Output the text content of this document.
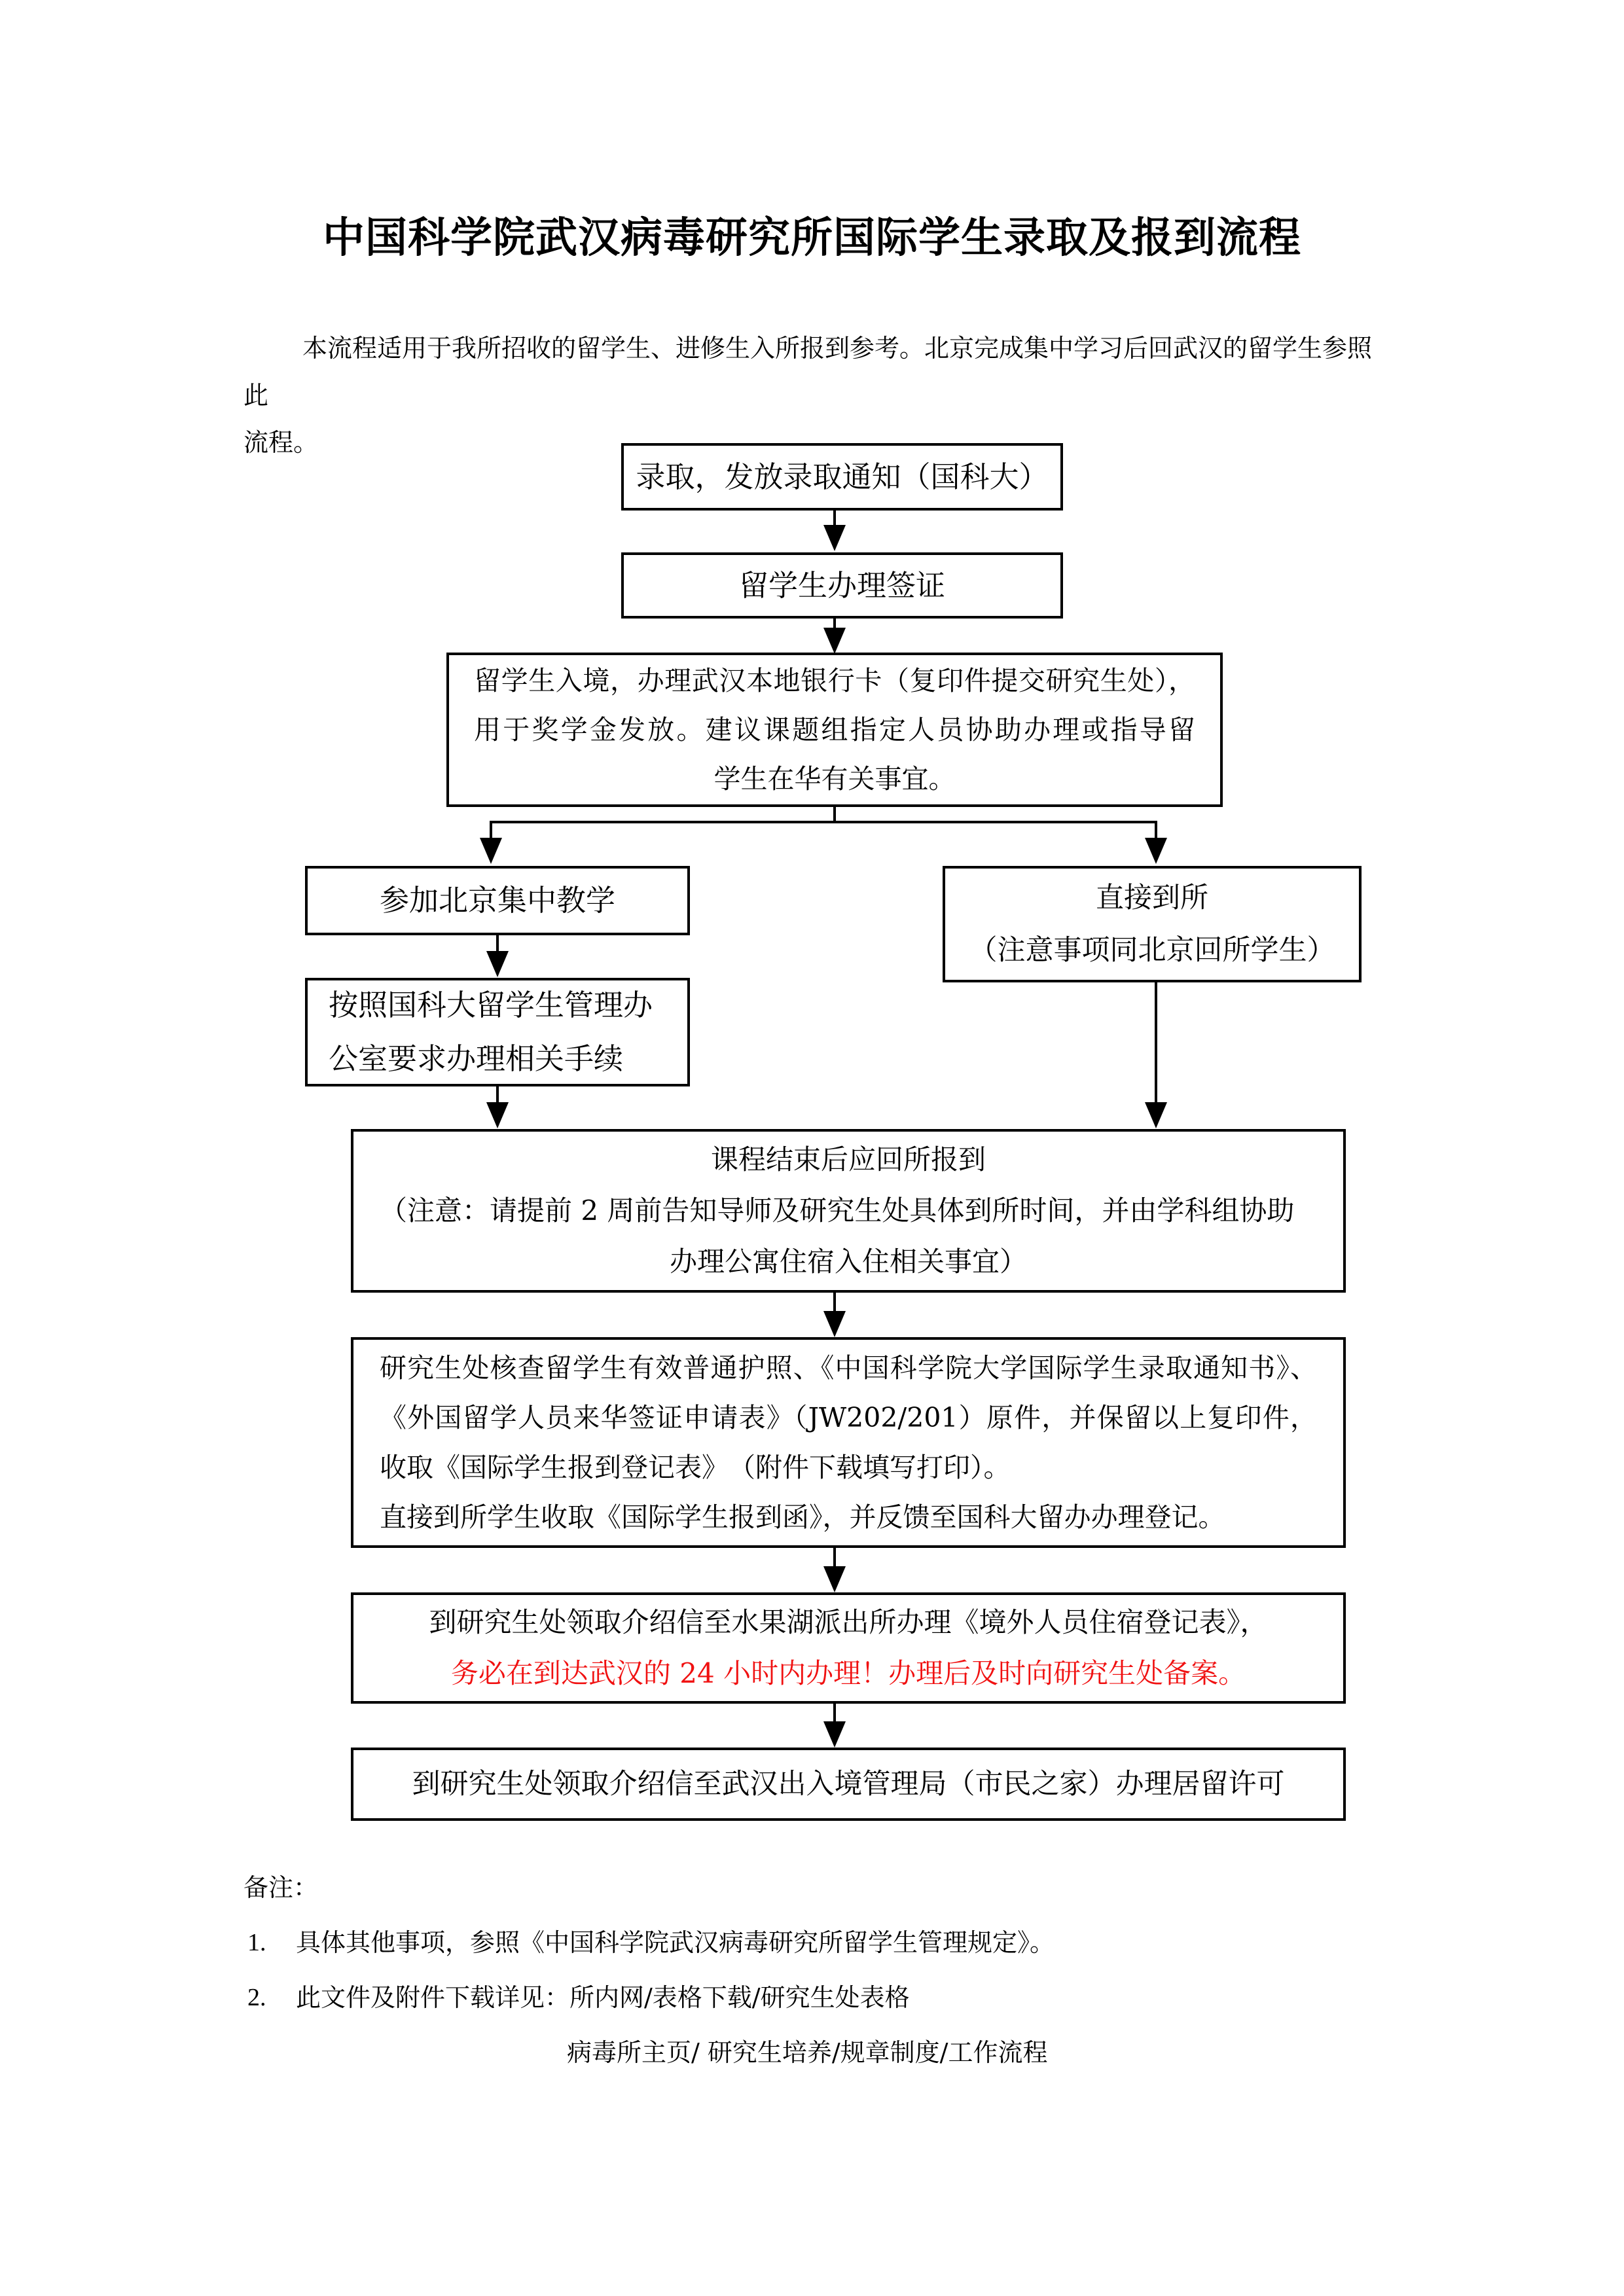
中国科学院武汉病毒研究所国际学生录取及报到流程
本流程适用于我所招收的留学生、进修生入所报到参考。北京完成集中学习后回武汉的留学生参照此
流程。
录取，发放录取通知（国科大）
留学生办理签证
留学生入境，办理武汉本地银行卡（复印件提交研究生处），
用于奖学金发放。建议课题组指定人员协助办理或指导留
学生在华有关事宜。
参加北京集中教学	直接到所
（注意事项同北京回所学生）
按照国科大留学生管理办
公室要求办理相关手续
课程结束后应回所报到
（注意：请提前 2 周前告知导师及研究生处具体到所时间，并由学科组协助
办理公寓住宿入住相关事宜）
研究生处核查留学生有效普通护照、《中国科学院大学国际学生录取通知书》、
《外国留学人员来华签证申请表》（JW202/201）原件，并保留以上复印件，
收取《国际学生报到登记表》　（附件下载填写打印）。
直接到所学生收取《国际学生报到函》，并反馈至国科大留办办理登记。
到研究生处领取介绍信至水果湖派出所办理《境外人员住宿登记表》，
务必在到达武汉的 24 小时内办理！办理后及时向研究生处备案。
到研究生处领取介绍信至武汉出入境管理局（市民之家）办理居留许可
备注：
1. 具体其他事项，参照《中国科学院武汉病毒研究所留学生管理规定》。
2. 此文件及附件下载详见：所内网/表格下载/研究生处表格
病毒所主页/ 研究生培养/规章制度/工作流程
